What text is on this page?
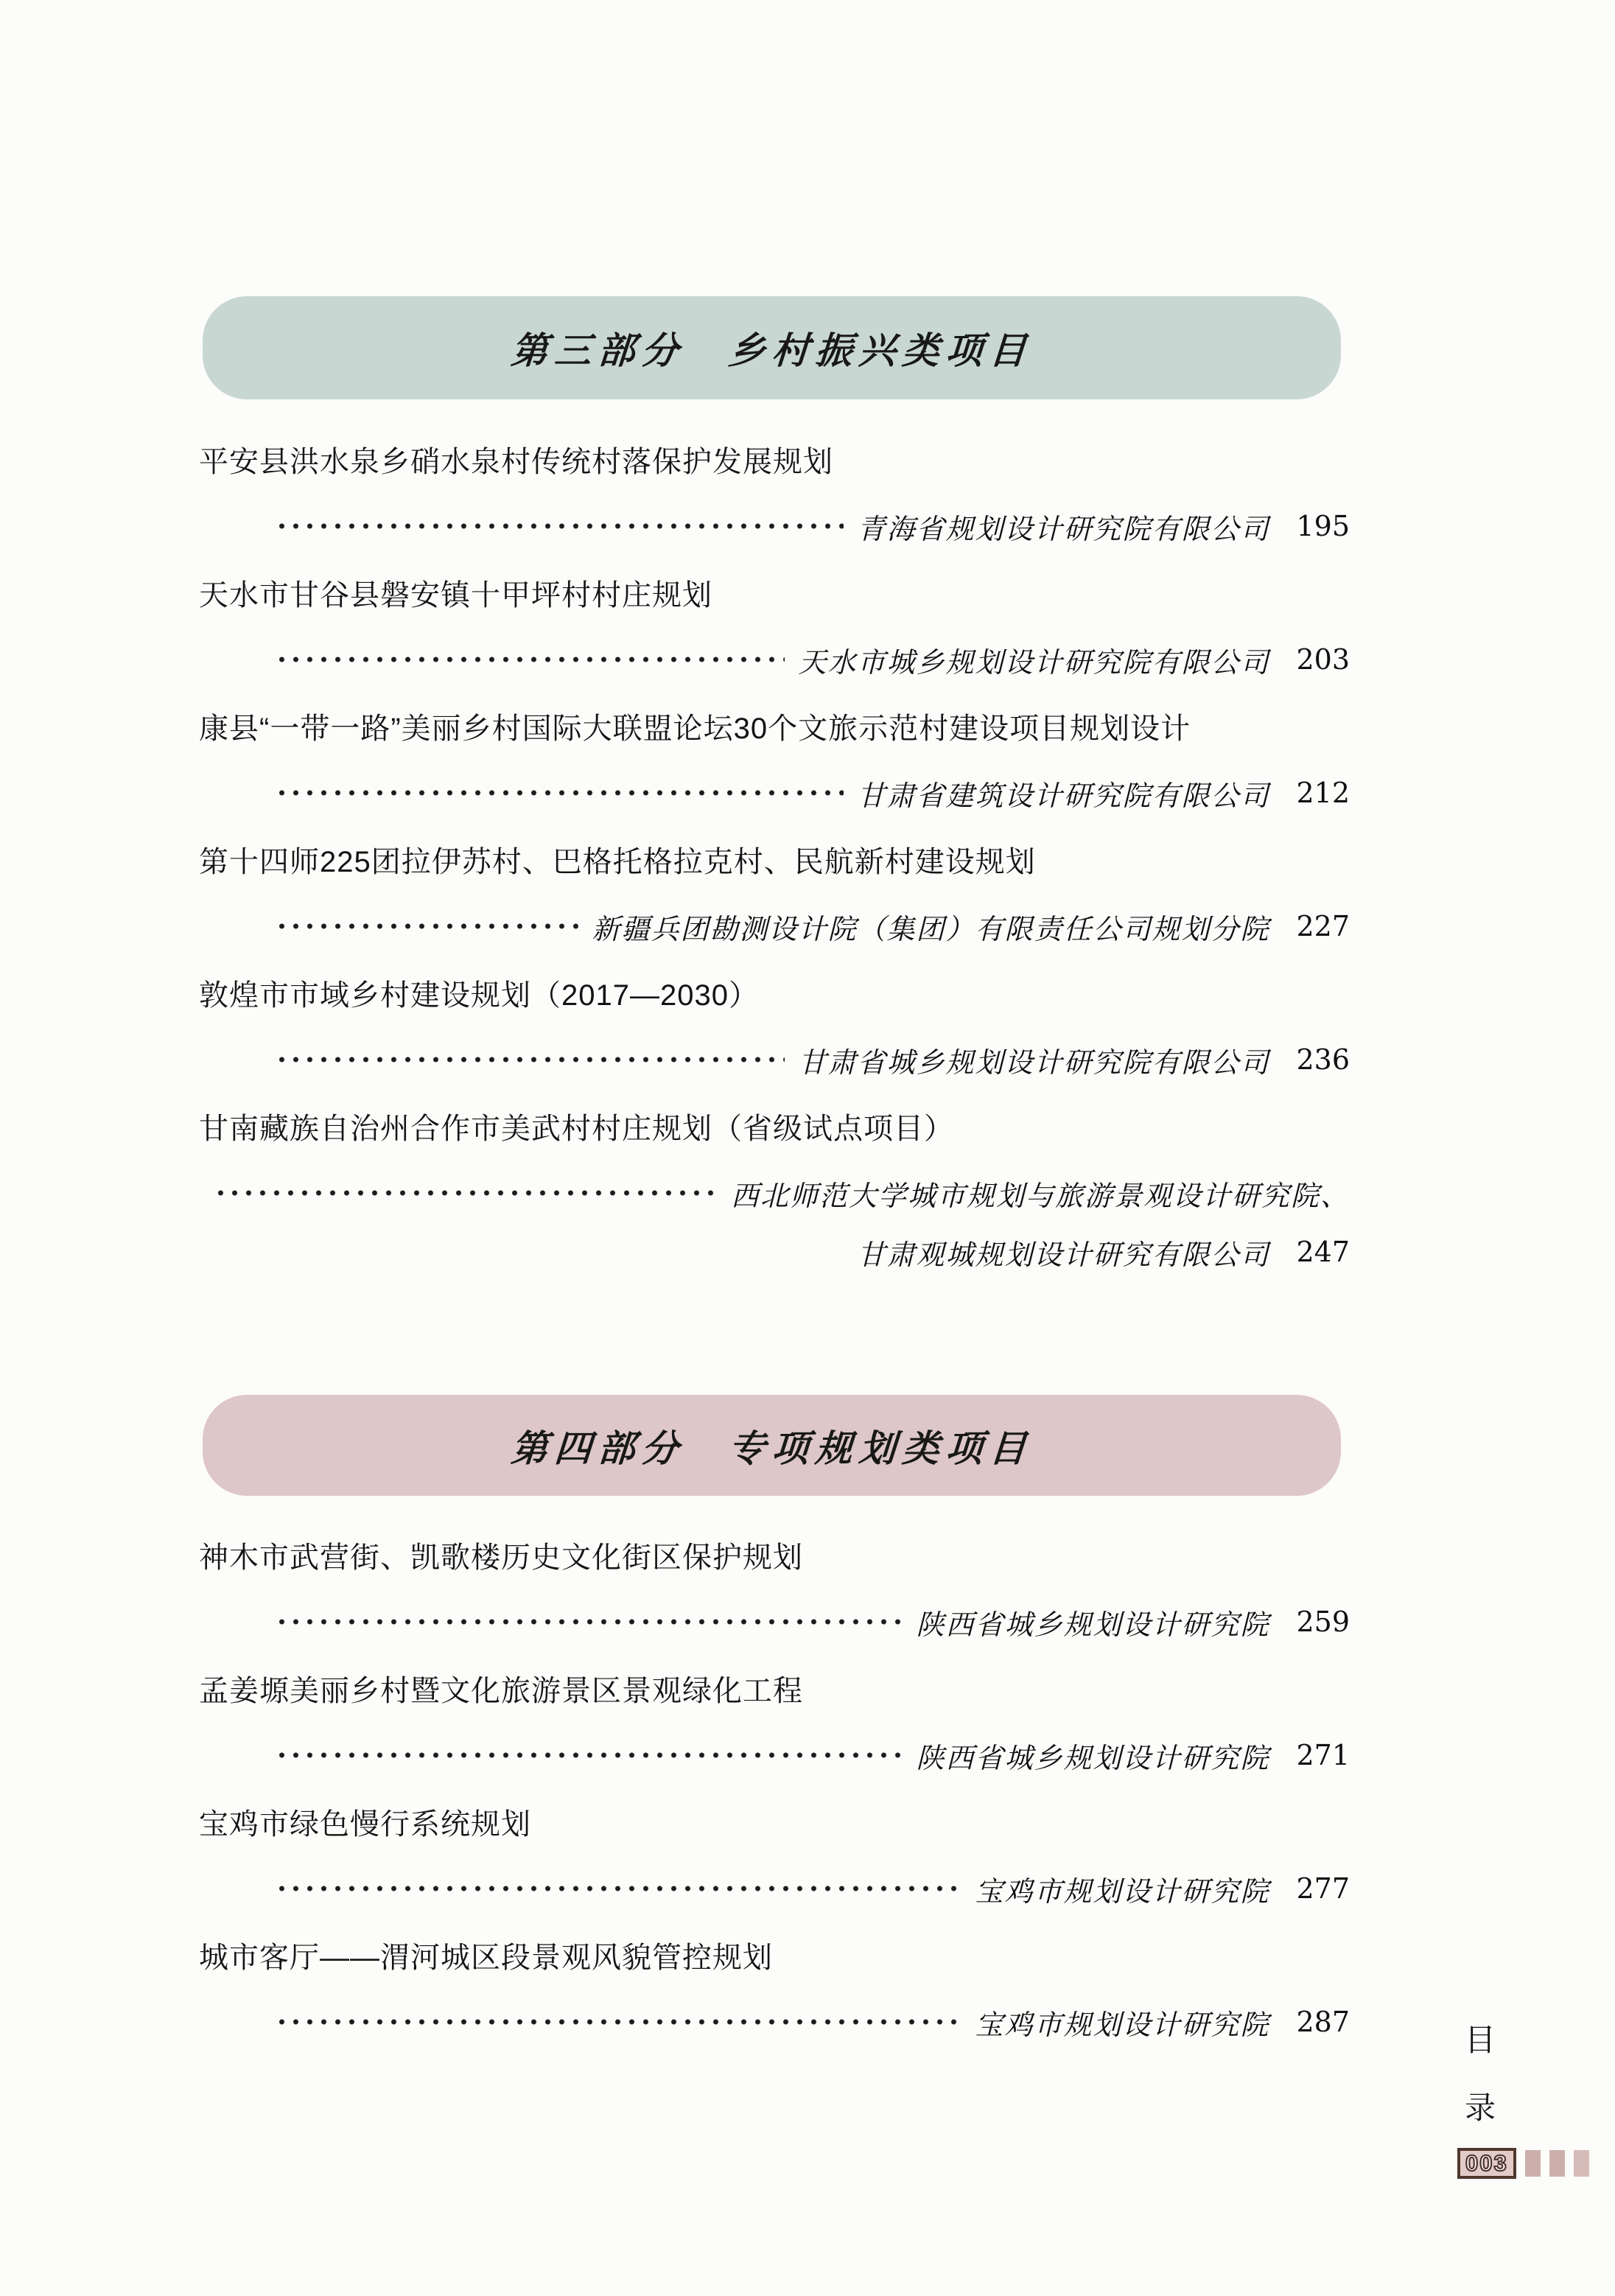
第三部分　乡村振兴类项目
平安县洪水泉乡硝水泉村传统村落保护发展规划
青海省规划设计研究院有限公司 195
天水市甘谷县磐安镇十甲坪村村庄规划
天水市城乡规划设计研究院有限公司 203
康县“一带一路”美丽乡村国际大联盟论坛30个文旅示范村建设项目规划设计
甘肃省建筑设计研究院有限公司 212
第十四师225团拉伊苏村、巴格托格拉克村、民航新村建设规划
新疆兵团勘测设计院（集团）有限责任公司规划分院 227
敦煌市市域乡村建设规划（2017—2030）
甘肃省城乡规划设计研究院有限公司 236
甘南藏族自治州合作市美武村村庄规划（省级试点项目）
西北师范大学城市规划与旅游景观设计研究院、
甘肃观城规划设计研究有限公司 247
第四部分　专项规划类项目
神木市武营街、凯歌楼历史文化街区保护规划
陕西省城乡规划设计研究院 259
孟姜塬美丽乡村暨文化旅游景区景观绿化工程
陕西省城乡规划设计研究院 271
宝鸡市绿色慢行系统规划
宝鸡市规划设计研究院 277
城市客厅——渭河城区段景观风貌管控规划
宝鸡市规划设计研究院 287	目
录
003
